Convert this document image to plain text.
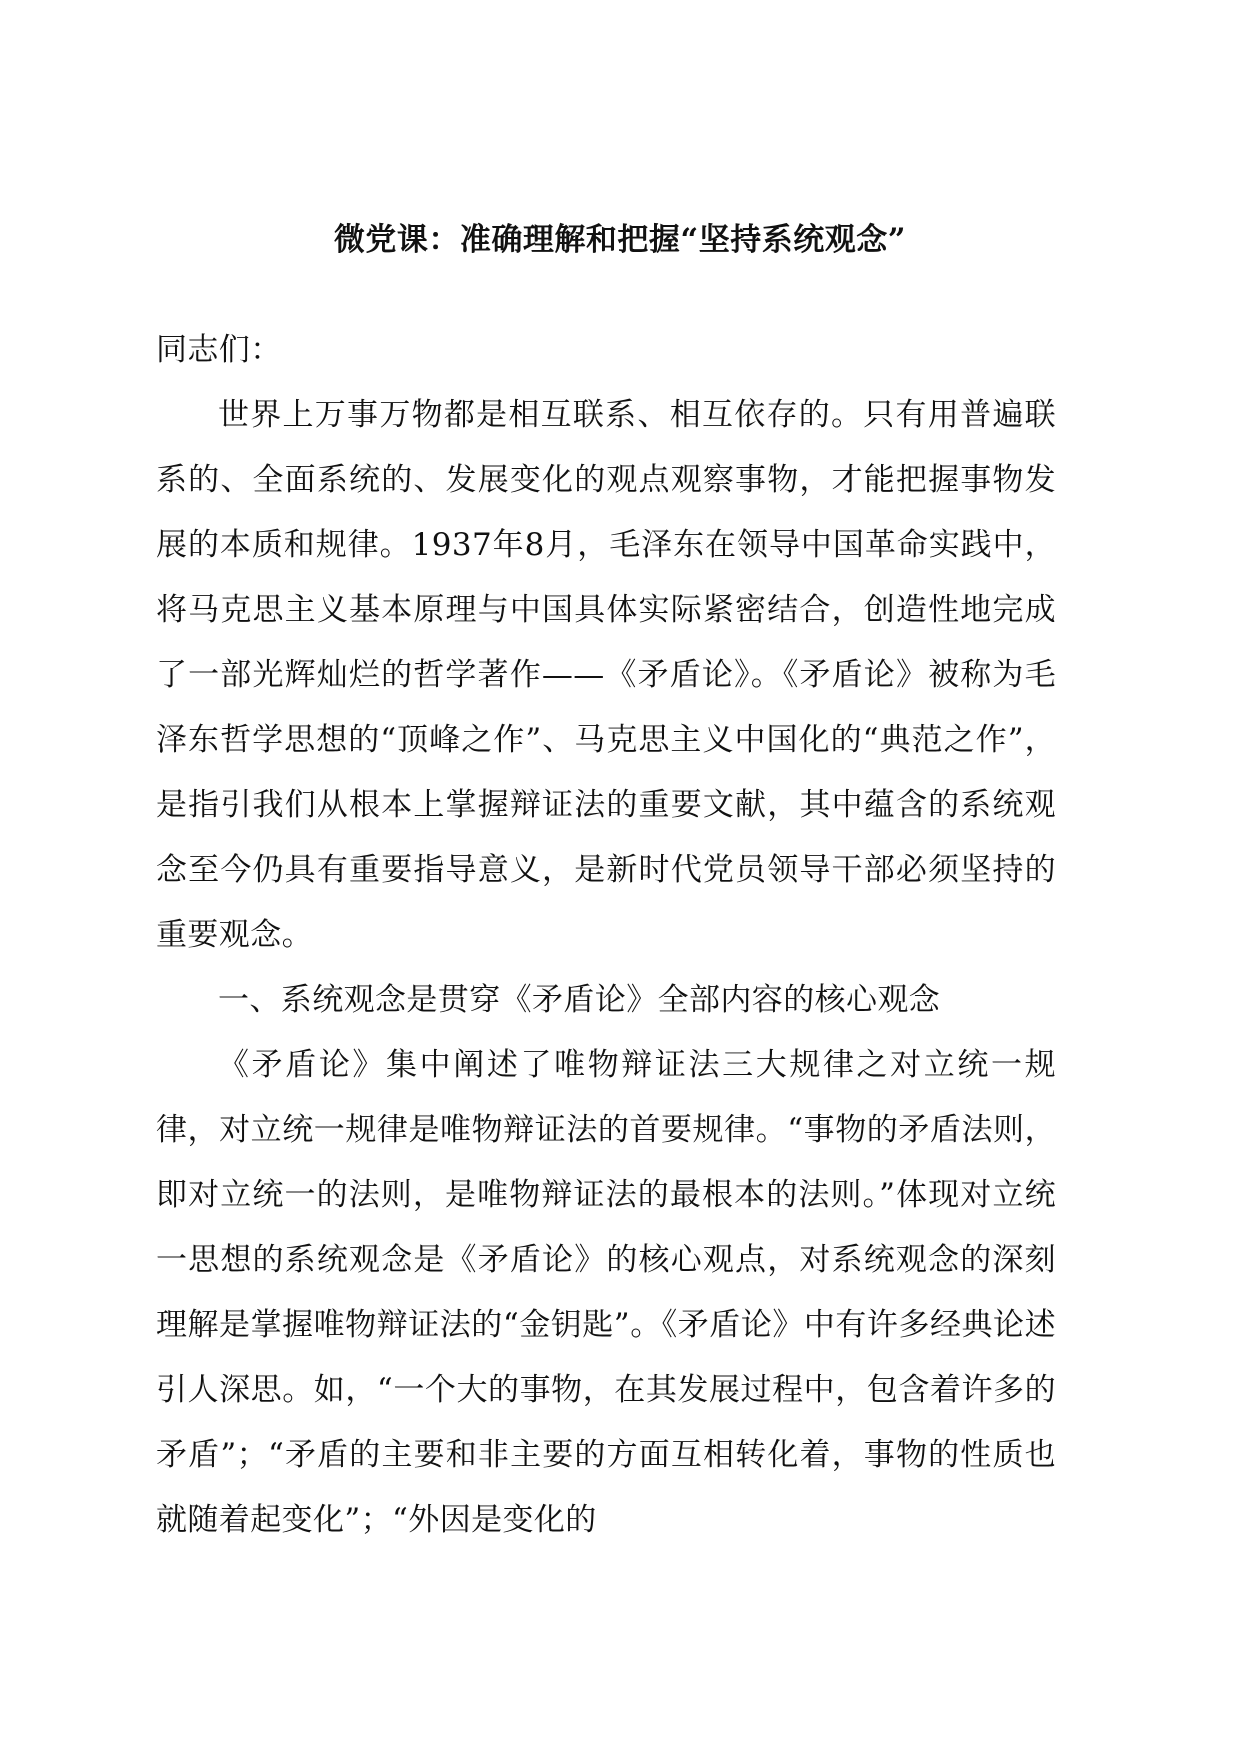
微党课：准确理解和把握“坚持系统观念”

同志们：

世界上万事万物都是相互联系、相互依存的。只有用普遍联系的、全面系统的、发展变化的观点观察事物，才能把握事物发展的本质和规律。1937年8月，毛泽东在领导中国革命实践中，将马克思主义基本原理与中国具体实际紧密结合，创造性地完成了一部光辉灿烂的哲学著作——《矛盾论》。《矛盾论》被称为毛泽东哲学思想的“顶峰之作”、马克思主义中国化的“典范之作”，是指引我们从根本上掌握辩证法的重要文献，其中蕴含的系统观念至今仍具有重要指导意义，是新时代党员领导干部必须坚持的重要观念。

一、系统观念是贯穿《矛盾论》全部内容的核心观念

《矛盾论》集中阐述了唯物辩证法三大规律之对立统一规律，对立统一规律是唯物辩证法的首要规律。“事物的矛盾法则，即对立统一的法则，是唯物辩证法的最根本的法则。”体现对立统一思想的系统观念是《矛盾论》的核心观点，对系统观念的深刻理解是掌握唯物辩证法的“金钥匙”。《矛盾论》中有许多经典论述引人深思。如，“一个大的事物，在其发展过程中，包含着许多的矛盾”；“矛盾的主要和非主要的方面互相转化着，事物的性质也就随着起变化”；“外因是变化的
